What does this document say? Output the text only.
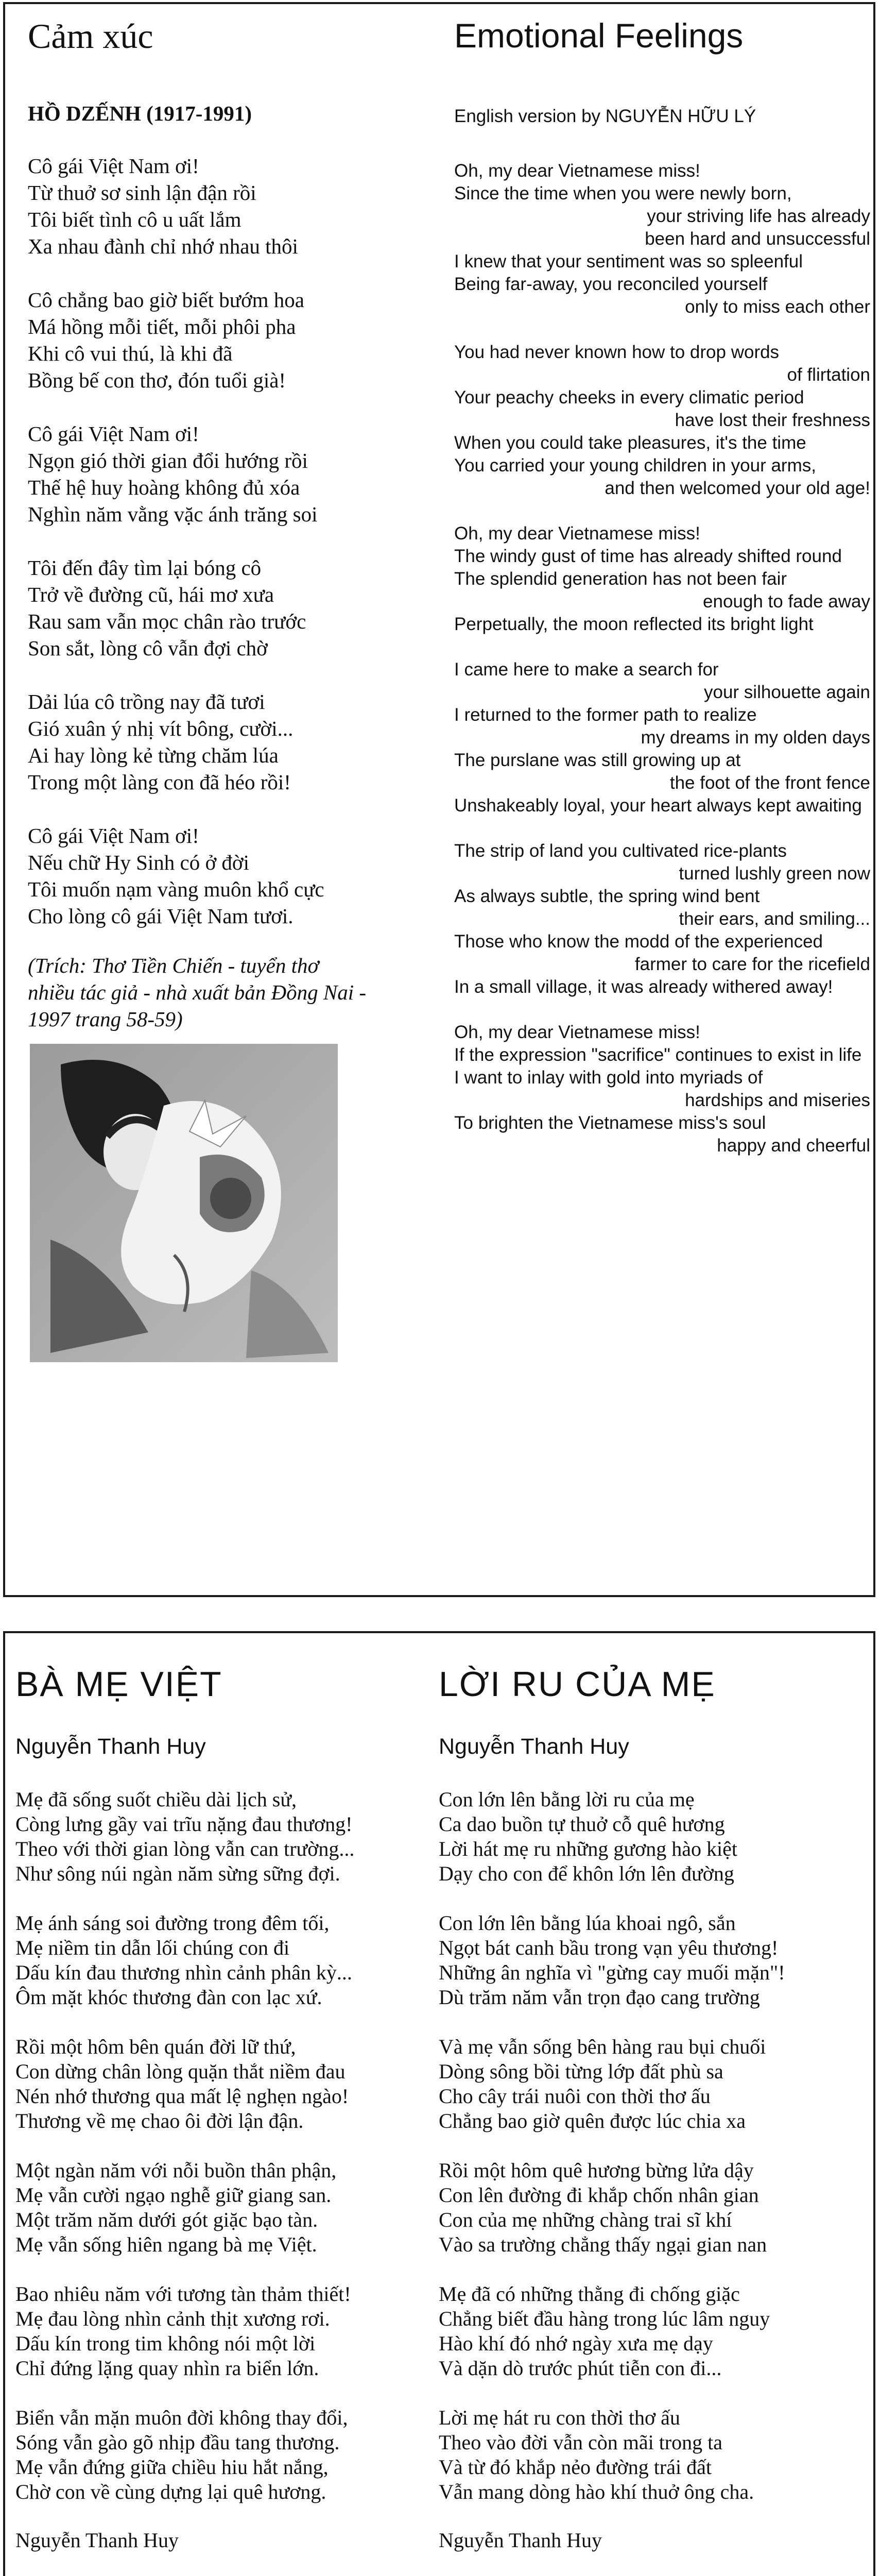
Cảm xúc

HỒ DZẾNH (1917-1991)

Cô gái Việt Nam ơi!
Từ thuở sơ sinh lận đận rồi
Tôi biết tình cô u uất lắm
Xa nhau đành chỉ nhớ nhau thôi
Cô chẳng bao giờ biết bướm hoa
Má hồng mỗi tiết, mỗi phôi pha
Khi cô vui thú, là khi đã
Bồng bế con thơ, đón tuổi già!
Cô gái Việt Nam ơi!
Ngọn gió thời gian đổi hướng rồi
Thế hệ huy hoàng không đủ xóa
Nghìn năm vằng vặc ánh trăng soi
Tôi đến đây tìm lại bóng cô
Trở về đường cũ, hái mơ xưa
Rau sam vẫn mọc chân rào trước
Son sắt, lòng cô vẫn đợi chờ
Dải lúa cô trồng nay đã tươi
Gió xuân ý nhị vít bông, cười...
Ai hay lòng kẻ từng chăm lúa
Trong một làng con đã héo rồi!
Cô gái Việt Nam ơi!
Nếu chữ Hy Sinh có ở đời
Tôi muốn nạm vàng muôn khổ cực
Cho lòng cô gái Việt Nam tươi.
(Trích: Thơ Tiền Chiến - tuyển thơ
nhiều tác giả - nhà xuất bản Đồng Nai -
1997 trang 58-59)
Emotional Feelings

English version by NGUYỄN HỮU LÝ

Oh, my dear Vietnamese miss!
Since the time when you were newly born,
your striving life has already
been hard and unsuccessful
I knew that your sentiment was so spleenful
Being far-away, you reconciled yourself
only to miss each other
You had never known how to drop words
of flirtation
Your peachy cheeks in every climatic period
have lost their freshness
When you could take pleasures, it's the time
You carried your young children in your arms,
and then welcomed your old age!
Oh, my dear Vietnamese miss!
The windy gust of time has already shifted round
The splendid generation has not been fair
enough to fade away
Perpetually, the moon reflected its bright light
I came here to make a search for
your silhouette again
I returned to the former path to realize
my dreams in my olden days
The purslane was still growing up at
the foot of the front fence
Unshakeably loyal, your heart always kept awaiting
The strip of land you cultivated rice-plants
turned lushly green now
As always subtle, the spring wind bent
their ears, and smiling...
Those who know the modd of the experienced
farmer to care for the ricefield
In a small village, it was already withered away!
Oh, my dear Vietnamese miss!
If the expression "sacrifice" continues to exist in life
I want to inlay with gold into myriads of
hardships and miseries
To brighten the Vietnamese miss's soul
happy and cheerful
BÀ MẸ VIỆT

Nguyễn Thanh Huy

Mẹ đã sống suốt chiều dài lịch sử,
Còng lưng gầy vai trĩu nặng đau thương!
Theo với thời gian lòng vẫn can trường...
Như sông núi ngàn năm sừng sững đợi.
Mẹ ánh sáng soi đường trong đêm tối,
Mẹ niềm tin dẫn lối chúng con đi
Dấu kín đau thương nhìn cảnh phân kỳ...
Ôm mặt khóc thương đàn con lạc xứ.
Rồi một hôm bên quán đời lữ thứ,
Con dừng chân lòng quặn thắt niềm đau
Nén nhớ thương qua mất lệ nghẹn ngào!
Thương về mẹ chao ôi đời lận đận.
Một ngàn năm với nỗi buồn thân phận,
Mẹ vẫn cười ngạo nghễ giữ giang san.
Một trăm năm dưới gót giặc bạo tàn.
Mẹ vẫn sống hiên ngang bà mẹ Việt.
Bao nhiêu năm với tương tàn thảm thiết!
Mẹ đau lòng nhìn cảnh thịt xương rơi.
Dấu kín trong tim không nói một lời
Chỉ đứng lặng quay nhìn ra biển lớn.
Biển vẫn mặn muôn đời không thay đổi,
Sóng vẫn gào gõ nhịp đầu tang thương.
Mẹ vẫn đứng giữa chiều hiu hắt nắng,
Chờ con về cùng dựng lại quê hương.

Nguyễn Thanh Huy

LỜI RU CỦA MẸ

Nguyễn Thanh Huy

Con lớn lên bằng lời ru của mẹ
Ca dao buồn tự thuở cỗ quê hương
Lời hát mẹ ru những gương hào kiệt
Dạy cho con để khôn lớn lên đường
Con lớn lên bằng lúa khoai ngô, sắn
Ngọt bát canh bầu trong vạn yêu thương!
Những ân nghĩa vì "gừng cay muối mặn"!
Dù trăm năm vẫn trọn đạo cang trường
Và mẹ vẫn sống bên hàng rau bụi chuối
Dòng sông bồi từng lớp đất phù sa
Cho cây trái nuôi con thời thơ ấu
Chẳng bao giờ quên được lúc chia xa
Rồi một hôm quê hương bừng lửa dậy
Con lên đường đi khắp chốn nhân gian
Con của mẹ những chàng trai sĩ khí
Vào sa trường chẳng thấy ngại gian nan
Mẹ đã có những thằng đi chống giặc
Chẳng biết đầu hàng trong lúc lâm nguy
Hào khí đó nhớ ngày xưa mẹ dạy
Và dặn dò trước phút tiễn con đi...
Lời mẹ hát ru con thời thơ ấu
Theo vào đời vẫn còn mãi trong ta
Và từ đó khắp nẻo đường trái đất
Vẫn mang dòng hào khí thuở ông cha.

Nguyễn Thanh Huy
